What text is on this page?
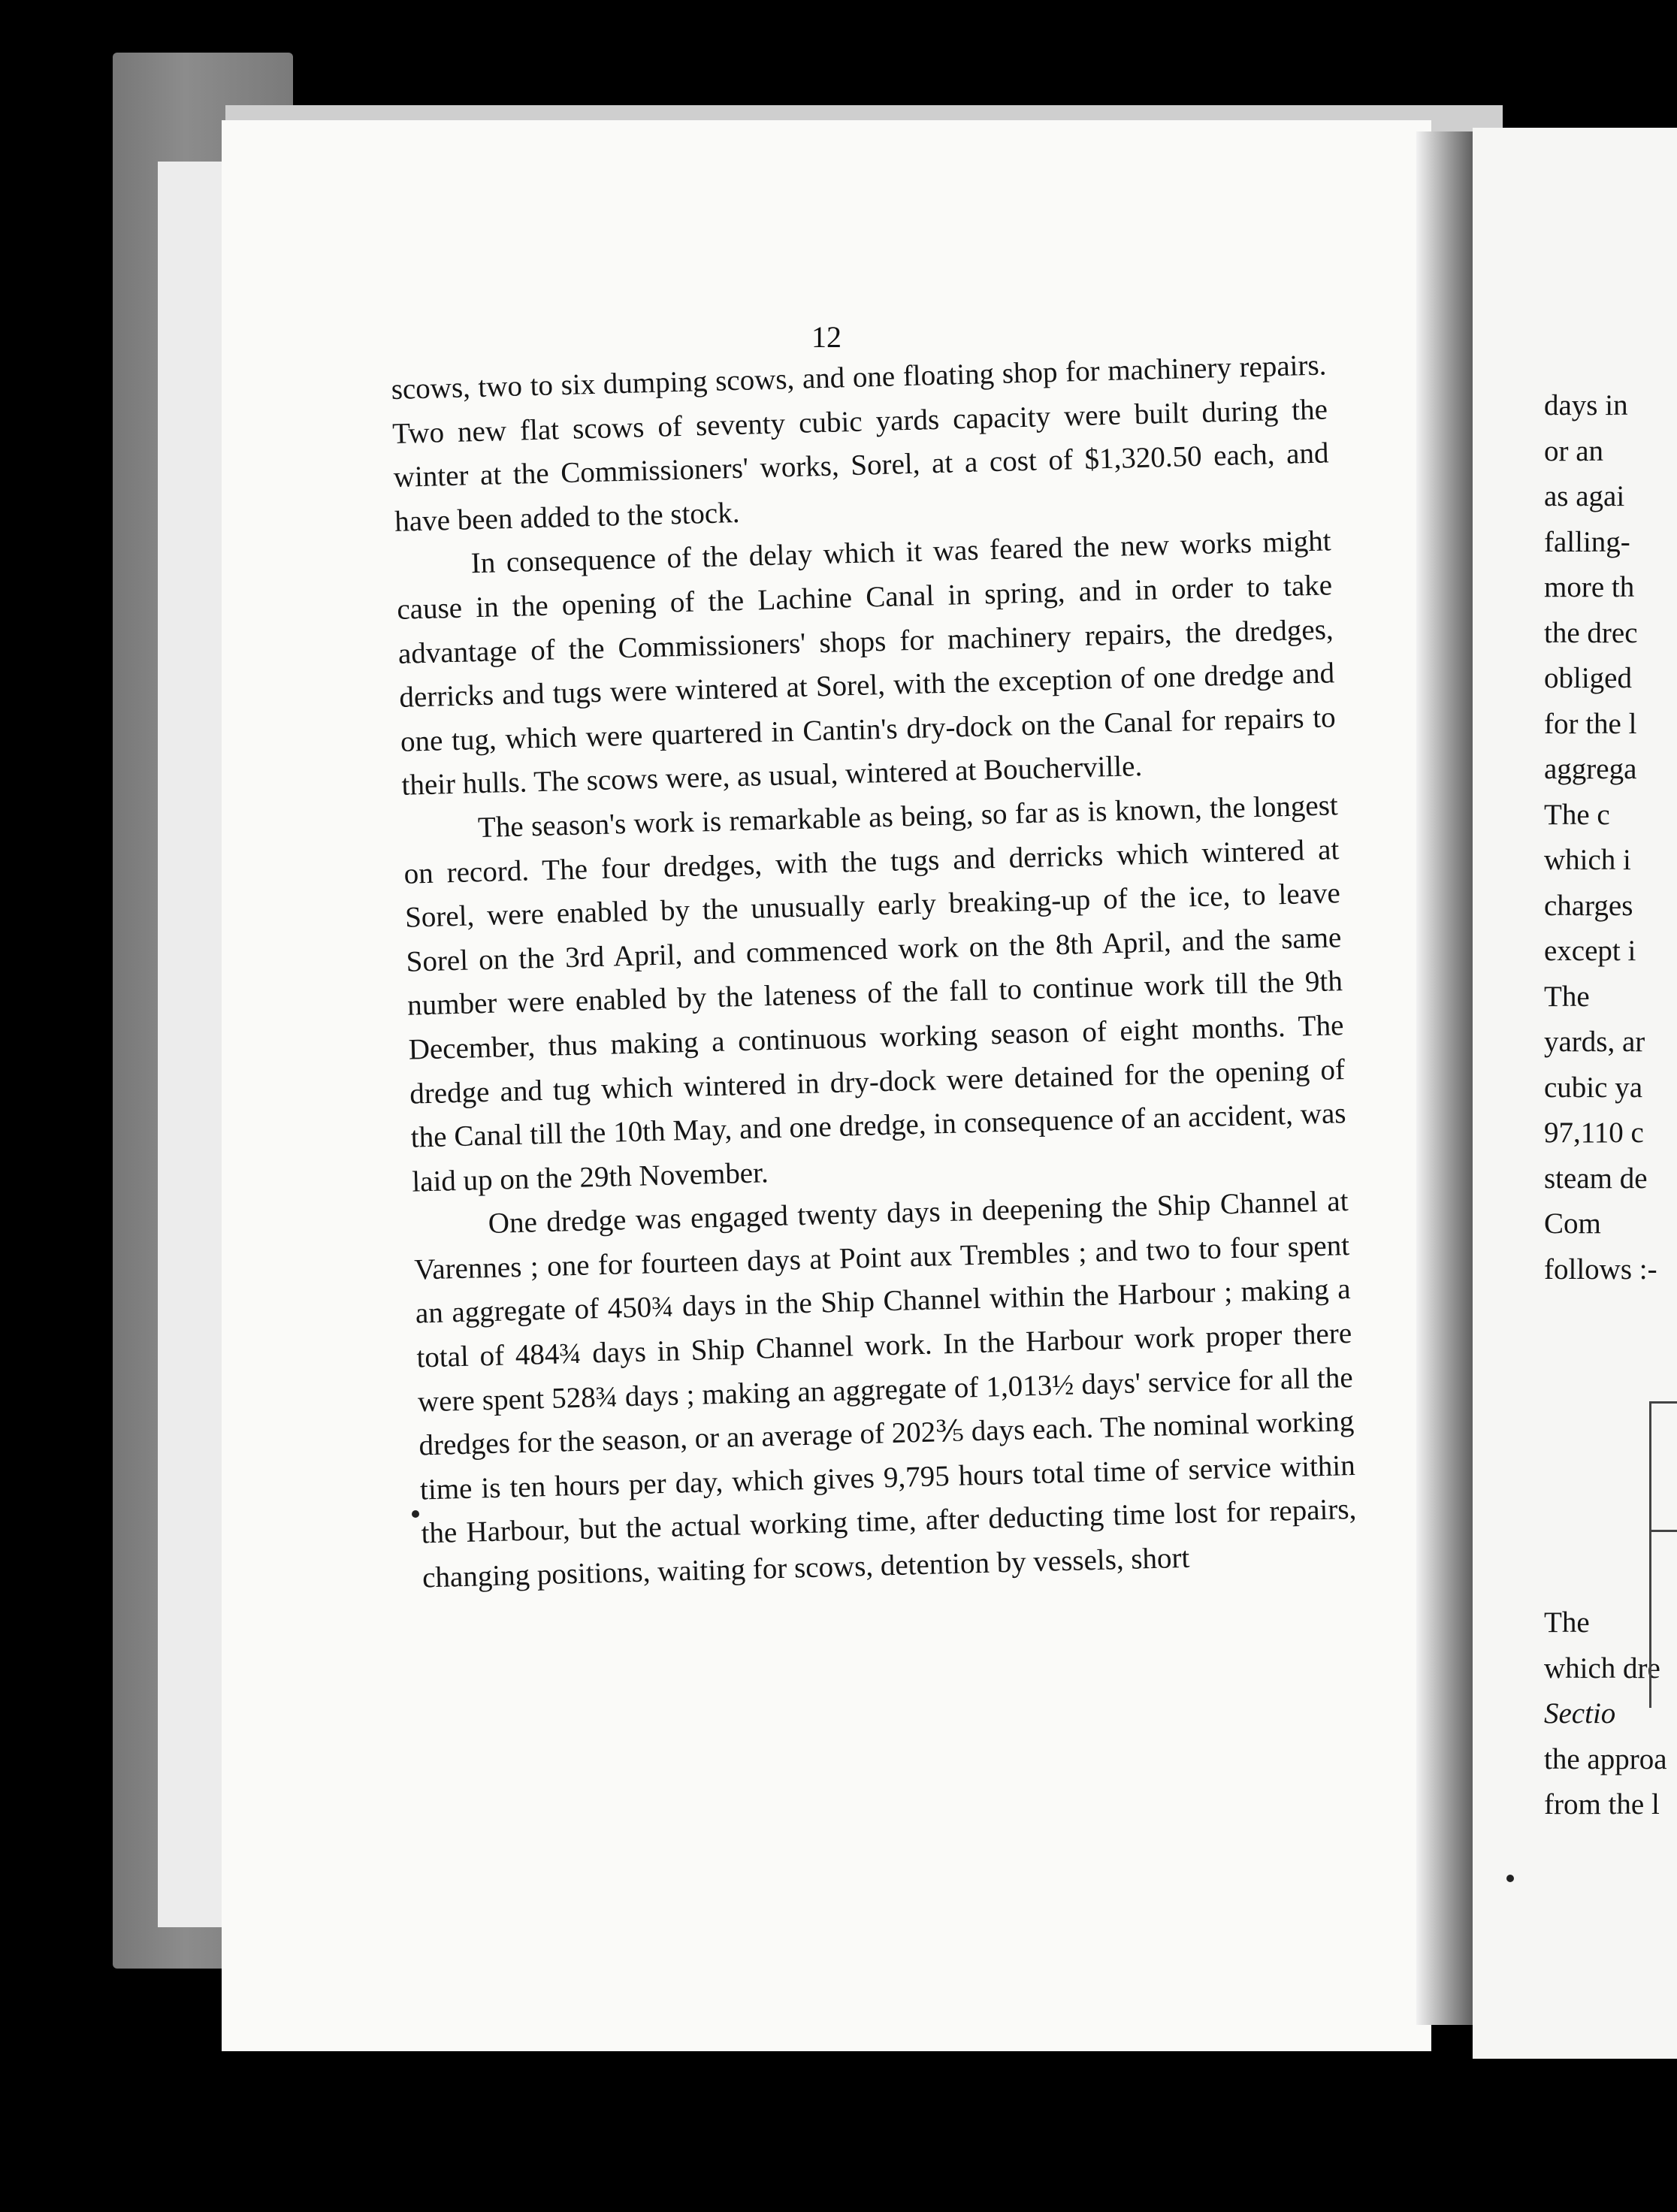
12

scows, two to six dumping scows, and one floating shop for machinery repairs. Two new flat scows of seventy cubic yards capacity were built during the winter at the Commissioners' works, Sorel, at a cost of $1,320.50 each, and have been added to the stock.

In consequence of the delay which it was feared the new works might cause in the opening of the Lachine Canal in spring, and in order to take advantage of the Commissioners' shops for machinery repairs, the dredges, derricks and tugs were wintered at Sorel, with the exception of one dredge and one tug, which were quartered in Cantin's dry-dock on the Canal for repairs to their hulls. The scows were, as usual, wintered at Boucherville.

The season's work is remarkable as being, so far as is known, the longest on record. The four dredges, with the tugs and derricks which wintered at Sorel, were enabled by the unusually early breaking-up of the ice, to leave Sorel on the 3rd April, and commenced work on the 8th April, and the same number were enabled by the lateness of the fall to continue work till the 9th December, thus making a continuous working season of eight months. The dredge and tug which wintered in dry-dock were detained for the opening of the Canal till the 10th May, and one dredge, in consequence of an accident, was laid up on the 29th November.

One dredge was engaged twenty days in deepening the Ship Channel at Varennes ; one for fourteen days at Point aux Trembles ; and two to four spent an aggregate of 450¾ days in the Ship Channel within the Harbour ; making a total of 484¾ days in Ship Channel work. In the Harbour work proper there were spent 528¾ days ; making an aggregate of 1,013½ days' service for all the dredges for the season, or an average of 202⅗ days each. The nominal working time is ten hours per day, which gives 9,795 hours total time of service within the Harbour, but the actual working time, after deducting time lost for repairs, changing positions, waiting for scows, detention by vessels, short

days in
or an
as agai
falling-
more th
the drec
obliged
for the l
aggrega
The c
which i
charges
except i
The
yards, ar
cubic ya
97,110 c
steam de
Com
follows :-
The
which dre
Sectio
the approa
from the l
